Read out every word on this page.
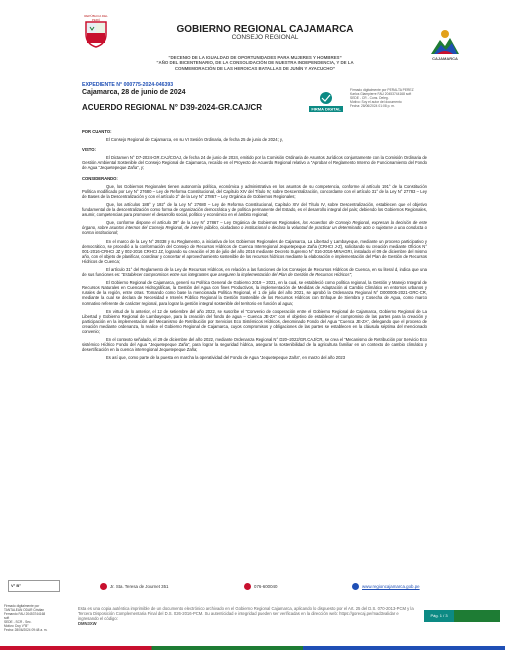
REPÚBLICA DEL PERÚ
GOBIERNO REGIONAL CAJAMARCA
CONSEJO REGIONAL
CAJAMARCA
“DECENIO DE LA IGUALDAD DE OPORTUNIDADES PARA MUJERES Y HOMBRES”
“AÑO DEL BICENTENARIO, DE LA CONSOLIDACIÓN DE NUESTRA INDEPENDENCIA, Y DE LA
CONMEMORACIÓN DE LAS HEROICAS BATALLAS DE JUNÍN Y AYACUCHO”
EXPEDIENTE N° 000775-2024-046393
Cajamarca, 28 de junio de 2024
ACUERDO REGIONAL N° D39-2024-GR.CAJ/CR	FIRMA DIGITAL
Firmado digitalmente por PERALTA PEREZ
Karlos Giampierre FAU 20453744168 soft
SEDE - CR - Cons. Deleg.
Motivo: Soy el autor del documento
Fecha: 28/06/2024 01:08 p. m.
POR CUANTO:
El Consejo Regional de Cajamarca, en su VI Sesión Ordinaria, de fecha 25 de junio de 2024; y,
VISTO:
El Dictamen N° D7-2024-GR.CAJ/COAJ, de fecha 24 de junio de 2024, emitido por la Comisión Ordinaria de Asuntos Jurídicos conjuntamente con la Comisión Ordinaria de Gestión Ambiental Sostenible del Consejo Regional de Cajamarca, recaído en el Proyecto de Acuerdo Regional relativo a “Aprobar el Reglamento Interno de Funcionamiento del Fondo de Agua “Jequetepeque Zaña”, y;
CONSIDERANDO:
Que, los Gobiernos Regionales tienen autonomía política, económica y administrativa en los asuntos de su competencia, conforme al artículo 191° de la Constitución Política modificado por Ley N° 27680 – Ley de Reforma Constitucional, del Capítulo XIV del Título IV, sobre Descentralización, concordante con el artículo 31° de la Ley N° 27783 – Ley de Bases de la Descentralización y con el artículo 2° de la Ley N° 27867 – Ley Orgánica de Gobiernos Regionales;
Que, los artículos 188° y 192° de la Ley N° 27680 – Ley de Reforma Constitucional, Capítulo XIV del Título IV, sobre Descentralización, establecen que el objetivo fundamental de la descentralización como forma de organización democrática y de política permanente del Estado, es el desarrollo integral del país; debiendo los Gobiernos Regionales, asumir, competencias para promover el desarrollo social, político y económico en el ámbito regional;
Que, conforme dispone el artículo 39° de la Ley N° 27867 – Ley Orgánica de Gobiernos Regionales, los Acuerdos de Consejo Regional, expresan la decisión de este órgano, sobre asuntos internos del Consejo Regional, de interés público, ciudadano o institucional o declara la voluntad de practicar un determinado acto o sujetarse a una conducta o norma institucional;
En el marco de la Ley N° 29338 y su Reglamento, a iniciativa de los Gobiernos Regionales de Cajamarca, La Libertad y Lambayeque, mediante un proceso participativo y democrático, se procedió a la conformación del Consejo de Recursos Hídricos de Cuenca Interregional Jequetepeque Zaña (CRHCI J-Z), solicitando su creación mediante Oficios N° 001-2016-CRHCI JZ y 002-2016 CRHCI JZ, logrando su creación el 26 de julio del año 2016 mediante Decreto Supremo N° 016-2016-MINAGRI, instalado el 09 de diciembre del mismo año, con el objeto de planificar, coordinar y concertar el aprovechamiento sostenible de los recursos hídricos mediante la elaboración e implementación del Plan de Gestión de Recursos Hídricos de Cuenca;
El artículo 31° del Reglamento de la Ley de Recursos Hídricos, en relación a las funciones de los Consejos de Recursos Hídricos de Cuenca, en su literal d, indica que una de sus funciones es: “Establecer compromisos entre sus integrantes que aseguren la implementación del Plan de Gestión de Recursos Hídricos”;
El Gobierno Regional de Cajamarca, generó su Política General de Gobierno 2019 – 2021, en la cual, se estableció como política regional, la Gestión y Manejo Integral de Recursos Naturales en Cuencas Hidrográficas, la Gestión del Agua con fines Productivos, la implementación de Medidas de Adaptación al Cambio Climático en entornos urbanos y rurales de la región, entre otras. Tomando como base la mencionada Política Regional, el 1 de julio del año 2021, se aprobó la Ordenanza Regional N° D000005-2021-GRC-CR, mediante la cual se declara de Necesidad e Interés Público Regional la Gestión Sostenible de los Recursos Hídricos con Enfoque de Siembra y Cosecha de Agua, como marco normativo referente de carácter regional, para lograr la gestión integral sostenible del territorio en función al agua;
En virtud de lo anterior, el 12 de setiembre del año 2022, se suscribe el “Convenio de cooperación entre el Gobierno Regional de Cajamarca, Gobierno Regional de La Libertad y Gobierno Regional de Lambayeque, para la creación del fondo de agua – Cuenca JE-ZA” con el objetivo de establecer el compromiso de las partes para la creación y participación en la implementación del Mecanismo de Retribución por Servicios Eco Sistémicos Hídricos, denominado Fondo del Agua “Cuenca JE-ZA”, delegando que el proceso de creación mediante ordenanza, lo realice el Gobierno Regional de Cajamarca, cuyos compromisos y obligaciones de las partes se establecen en la cláusula séptima del mencionado convenio;
En el contexto señalado, el 29 de diciembre del año 2022, mediante Ordenanza Regional N° D20–2022/GR.CAJ/CR, se crea el “Mecanismo de Retribución por Servicio Eco sistémico Hídrico Fondo del Agua “Jequetepeque Zaña”, para lograr la seguridad hídrica, asegurar la sostenibilidad de la agricultura familiar en un contexto de cambio climático y desertificación en la cuenca interregional Jequetepeque Zaña;
Es así que, como parte de la puesta en marcha la operatividad del Fondo de Agua “Jequetepeque Zaña”, en marzo del año 2023
V° B°	Jr. Sta. Teresa de Journet 351	076-600040	www.regioncajamarca.gob.pe
Firmado digitalmente por
TANTALEAN ODAR Cristian
Fernando FAU 20453744168
soft
SEDE - SCR - Sec.
Motivo: Doy V°B°
Fecha: 28/06/2024 09:48 a. m.
Esta es una copia auténtica imprimible de un documento electrónico archivado en el Gobierno Regional Cajamarca, aplicando lo dispuesto por el Art. 25 del D.S. 070-2013-PCM y la Tercera Disposición Complementaria Final del D.S. 026-2016-PCM. Su autenticidad e integridad pueden ser verificadas en la dirección web: https://gorecaj.pe/mad3validar e ingresando el código:
DMN3XW
Pág. 1 / 3
